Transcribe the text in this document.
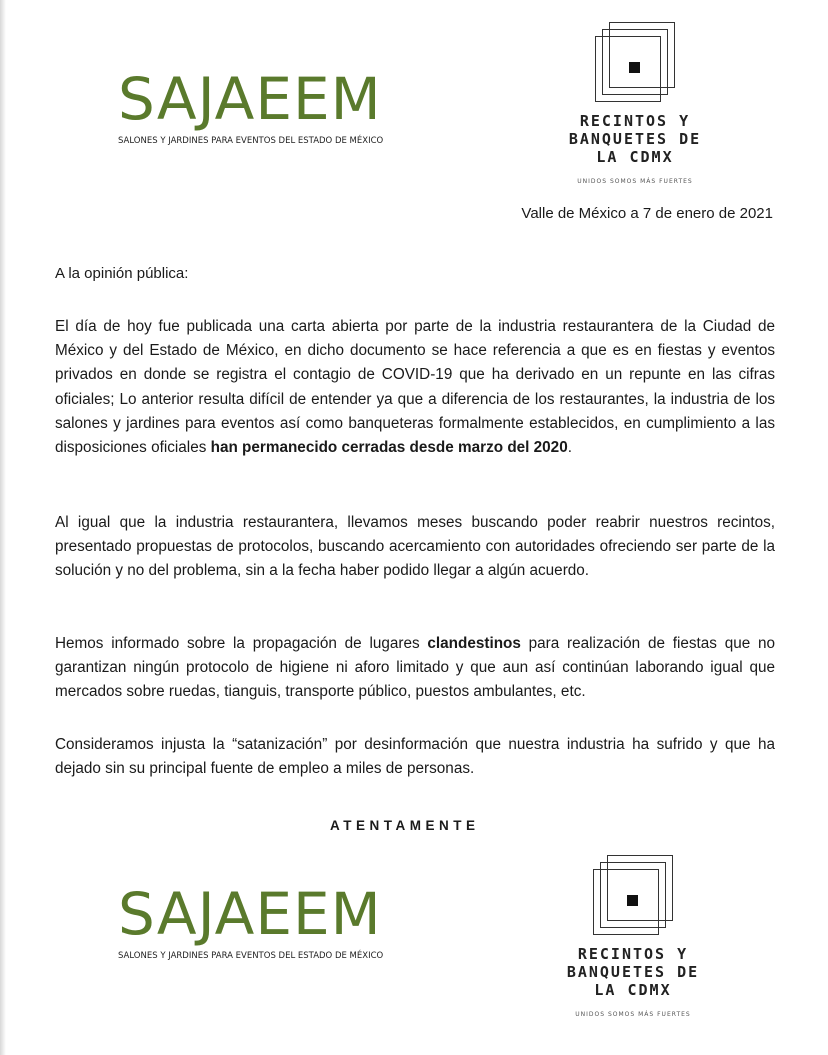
SAJAEEM
SALONES Y JARDINES PARA EVENTOS DEL ESTADO DE MÉXICO
RECINTOS Y
BANQUETES DE
LA CDMX
UNIDOS SOMOS MÁS FUERTES
Valle de México a 7 de enero de 2021
A la opinión pública:

El día de hoy fue publicada una carta abierta por parte de la industria restaurantera de la Ciudad de México y del Estado de México, en dicho documento se hace referencia a que es en fiestas y eventos privados en donde se registra el contagio de COVID-19 que ha derivado en un repunte en las cifras oficiales; Lo anterior resulta difícil de entender ya que a diferencia de los restaurantes, la industria de los salones y jardines para eventos así como banqueteras formalmente establecidos, en cumplimiento a las disposiciones oficiales han permanecido cerradas desde marzo del 2020.

Al igual que la industria restaurantera, llevamos meses buscando poder reabrir nuestros recintos, presentado propuestas de protocolos, buscando acercamiento con autoridades ofreciendo ser parte de la solución y no del problema, sin a la fecha haber podido llegar a algún acuerdo.

Hemos informado sobre la propagación de lugares clandestinos para realización de fiestas que no garantizan ningún protocolo de higiene ni aforo limitado y que aun así continúan laborando igual que mercados sobre ruedas, tianguis, transporte público, puestos ambulantes, etc.

Consideramos injusta la “satanización” por desinformación que nuestra industria ha sufrido y que ha dejado sin su principal fuente de empleo a miles de personas.

ATENTAMENTE
SAJAEEM
SALONES Y JARDINES PARA EVENTOS DEL ESTADO DE MÉXICO	RECINTOS Y
BANQUETES DE
LA CDMX
UNIDOS SOMOS MÁS FUERTES
